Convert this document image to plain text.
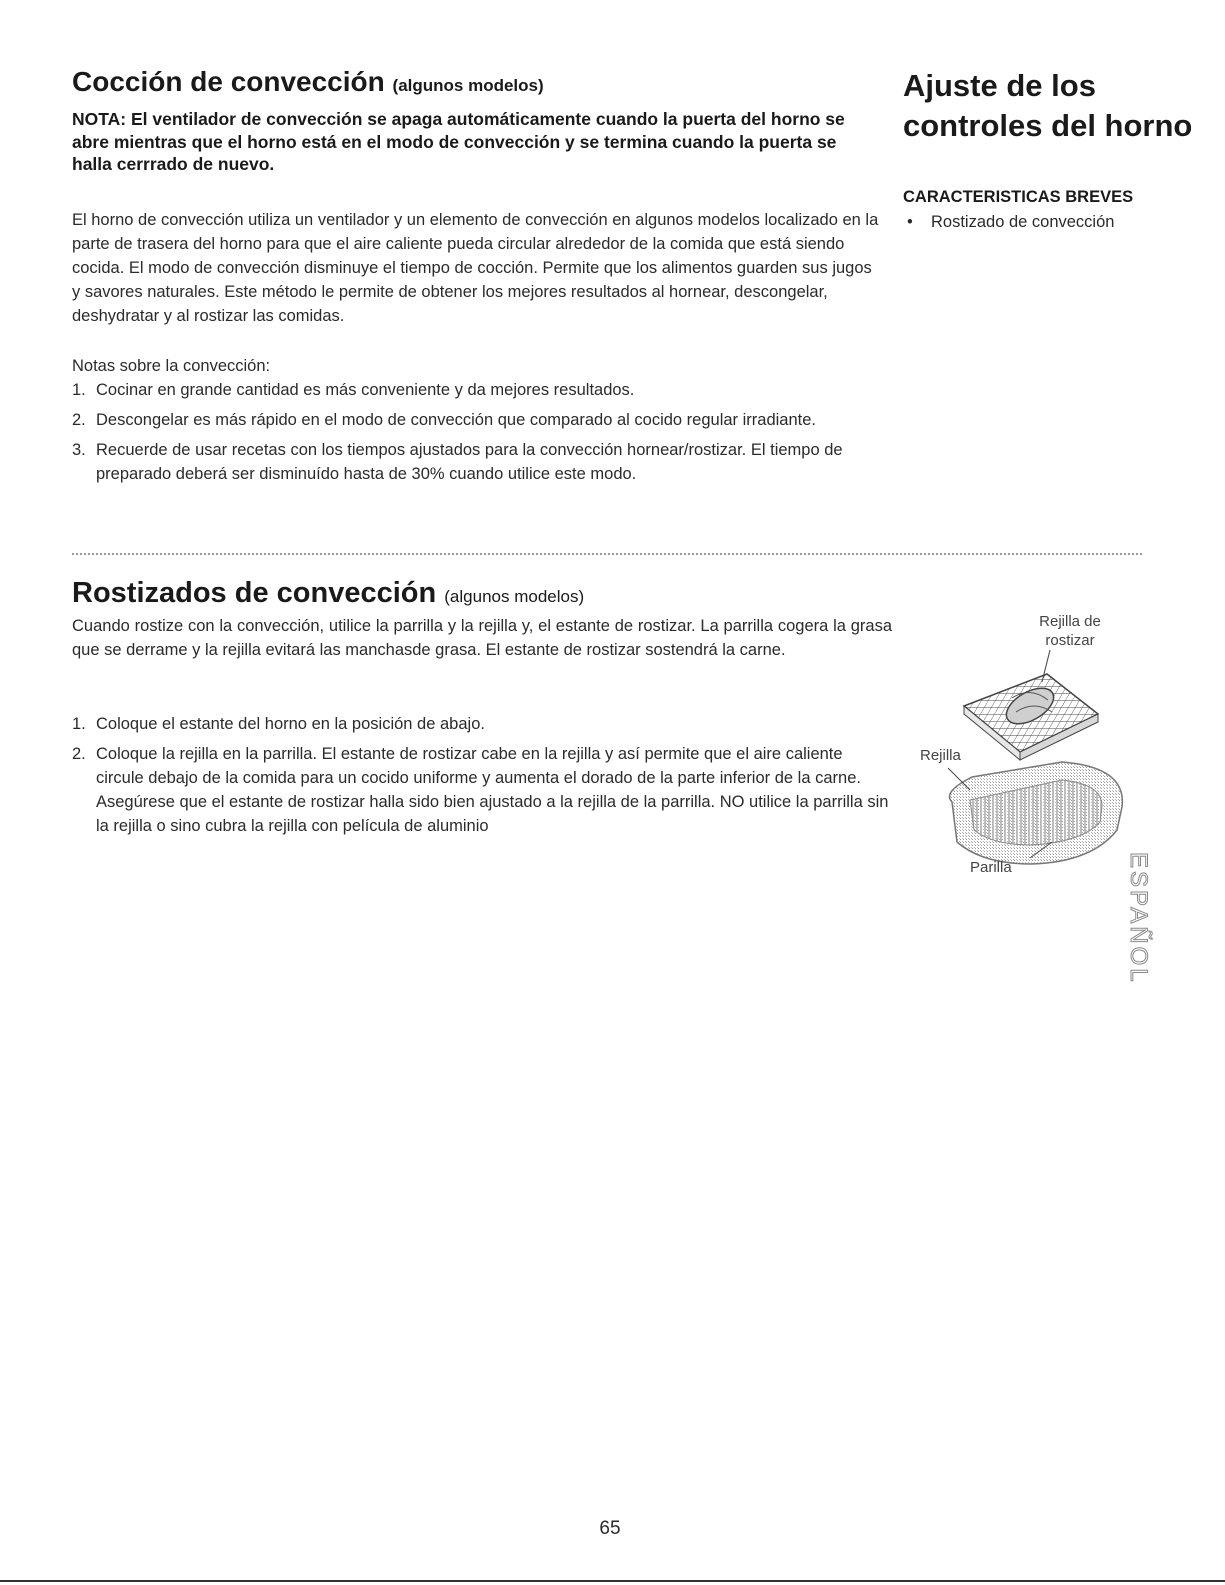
Cocción de convección (algunos modelos)

NOTA: El ventilador de convección se apaga automáticamente cuando la puerta del horno se abre mientras que el horno está en el modo de convección y se termina cuando la puerta se halla cerrrado de nuevo.

El horno de convección utiliza un ventilador y un elemento de convección en algunos modelos localizado en la parte de trasera del horno para que el aire caliente pueda circular alrededor de la comida que está siendo cocida. El modo de convección disminuye el tiempo de cocción. Permite que los alimentos guarden sus jugos y savores naturales. Este método le permite de obtener los mejores resultados al hornear, descongelar, deshydratar y al rostizar las comidas.

Notas sobre la convección:

1. Cocinar en grande cantidad es más conveniente y da mejores resultados.
2. Descongelar es más rápido en el modo de convección que comparado al cocido regular irradiante.
3. Recuerde de usar recetas con los tiempos ajustados para la convección hornear/rostizar. El tiempo de preparado deberá ser disminuído hasta de 30% cuando utilice este modo.
Ajuste de los controles del horno
CARACTERISTICAS BREVES
• Rostizado de convección
Rostizados de convección (algunos modelos)

Cuando rostize con la convección, utilice la parrilla y la rejilla y, el estante de rostizar. La parrilla cogera la grasa que se derrame y la rejilla evitará las manchasde grasa. El estante de rostizar sostendrá la carne.

1. Coloque el estante del horno en la posición de abajo.
2. Coloque la rejilla en la parrilla. El estante de rostizar cabe en la rejilla y así permite que el aire caliente circule debajo de la comida para un cocido uniforme y aumenta el dorado de la parte inferior de la carne. Asegúrese que el estante de rostizar halla sido bien ajustado a la rejilla de la parrilla. NO utilice la parrilla sin la rejilla o sino cubra la rejilla con película de aluminio
Rejilla de rostizar
Rejilla
Parilla	ESPAÑOL
65
